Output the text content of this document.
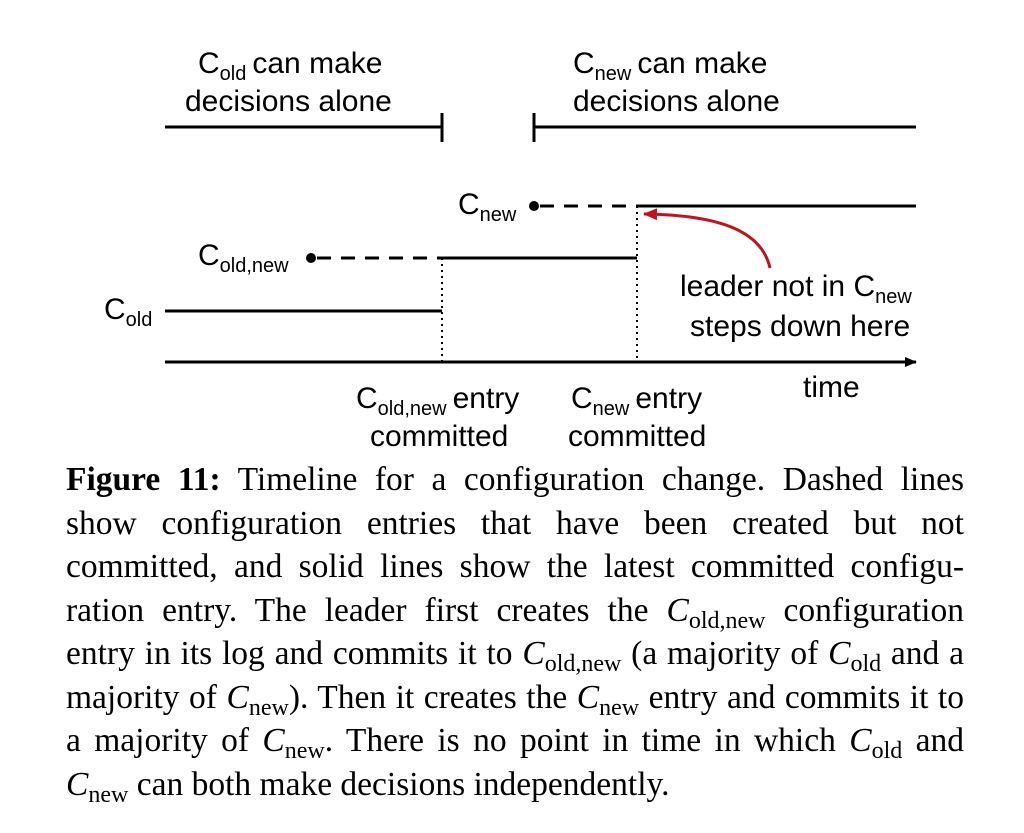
$C_{old}$ can make
decisions alone
$C_{new}$ can make
decisions alone
$C_{new}$
$C_{old,new}$
$C_{old}$
time
leader not in $C_{new}$
steps down here
$C_{old,new}$ entry
committed
$C_{new}$ entry
committed

Figure 11: Timeline for a configuration change. Dashed lines show configuration entries that have been created but not committed, and solid lines show the latest committed configu-ration entry. The leader first creates the $C_{old,new}$ configuration entry in its log and commits it to $C_{old,new}$ (a majority of $C_{old}$ and a majority of $C_{new}$). Then it creates the $C_{new}$ entry and commits it to a majority of $C_{new}$. There is no point in time in which $C_{old}$ and $C_{new}$ can both make decisions independently.
